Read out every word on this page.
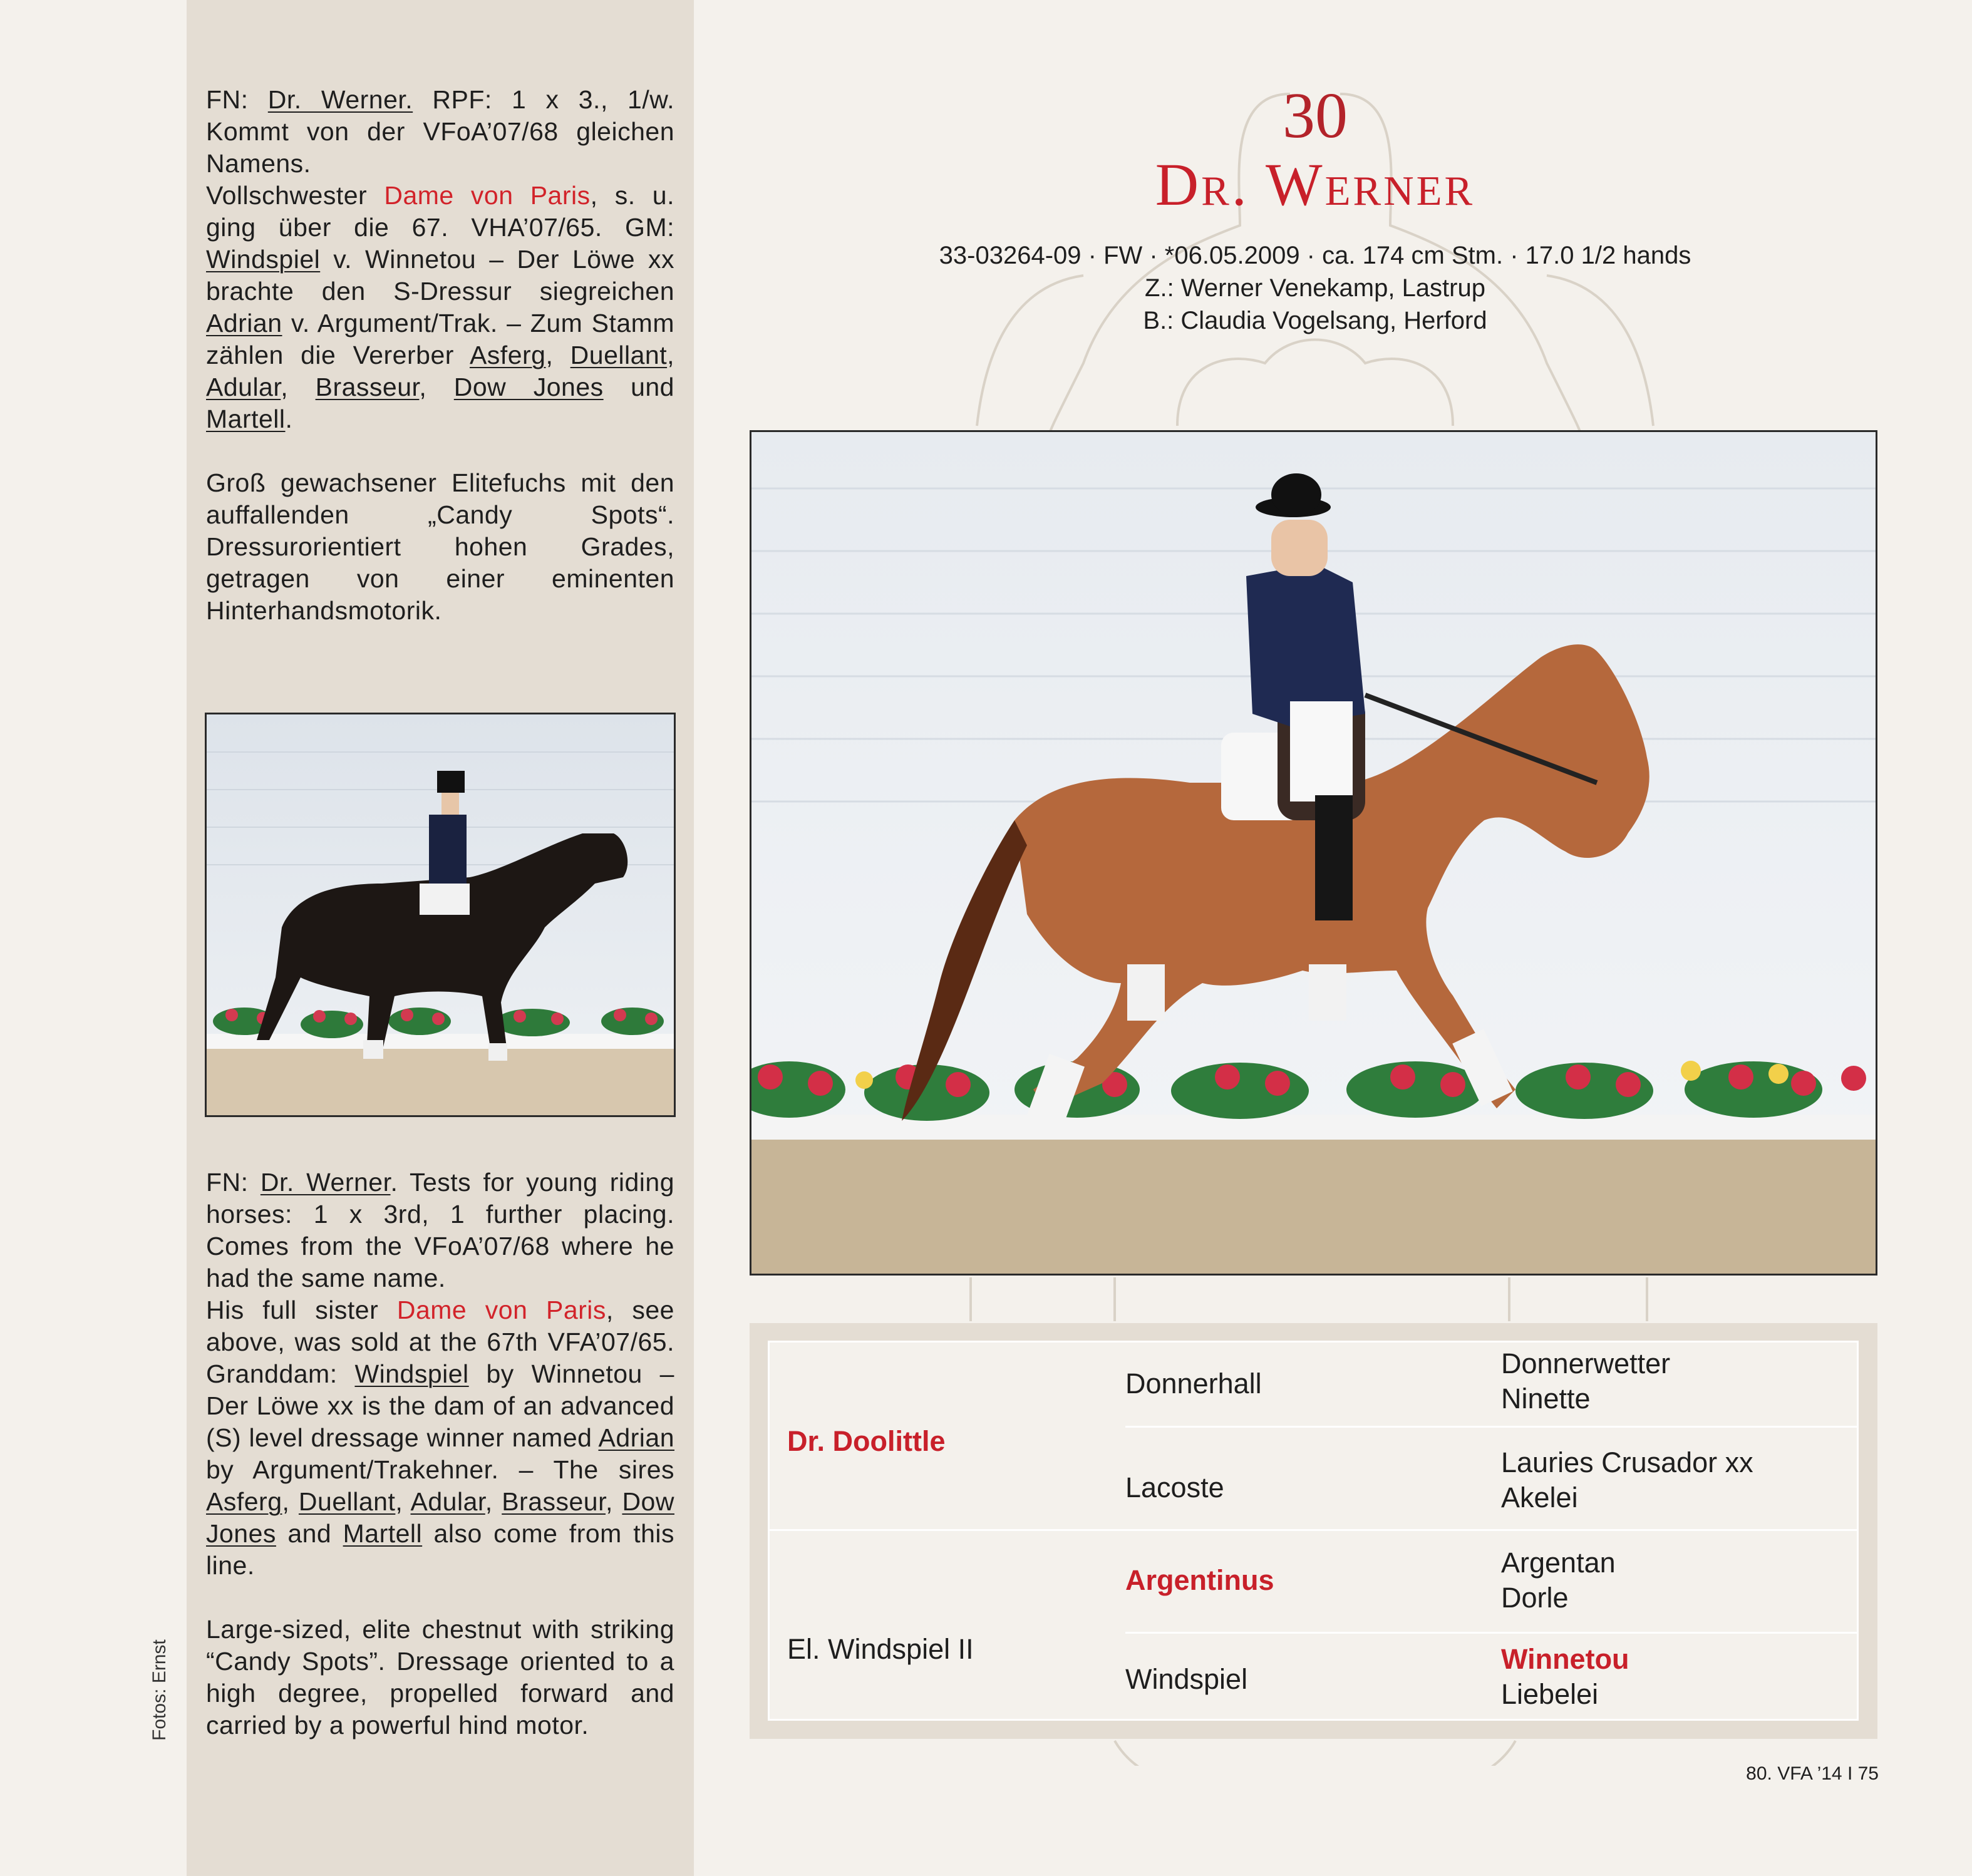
FN: Dr. Werner. RPF: 1 x 3., 1/w. Kommt von der VFoA’07/68 gleichen Namens.

Vollschwester Dame von Paris, s. u. ging über die 67. VHA’07/65. GM: Windspiel v. Winnetou – Der Löwe xx brachte den S-Dressur siegreichen Adrian v. Argument/Trak. – Zum Stamm zählen die Vererber Asferg, Duellant, Adular, Brasseur, Dow Jones und Martell.

Groß gewachsener Elitefuchs mit den auffallenden „Candy Spots“. Dressurorientiert hohen Grades, getragen von einer eminenten Hinterhandsmotorik.

FN: Dr. Werner. Tests for young riding horses: 1 x 3rd, 1 further placing. Comes from the VFoA’07/68 where he had the same name.

His full sister Dame von Paris, see above, was sold at the 67th VFA’07/65. Granddam: Windspiel by Winnetou – Der Löwe xx is the dam of an advanced (S) level dressage winner named Adrian by Argument/Trakehner. – The sires Asferg, Duellant, Adular, Brasseur, Dow Jones and Martell also come from this line.

Large-sized, elite chestnut with striking “Candy Spots”. Dressage oriented to a high degree, propelled forward and carried by a powerful hind motor.

Fotos: Ernst
30
Dr. Werner
33-03264-09 · FW · *06.05.2009 · ca. 174 cm Stm. · 17.0 1/2 hands
Z.: Werner Venekamp, Lastrup
B.: Claudia Vogelsang, Herford
Dr. Doolittle
El. Windspiel II
Donnerhall
Lacoste
Argentinus
Windspiel
Donnerwetter
Ninette
Lauries Crusador xx
Akelei
Argentan
Dorle
Winnetou
Liebelei
80. VFA ’14 I 75
